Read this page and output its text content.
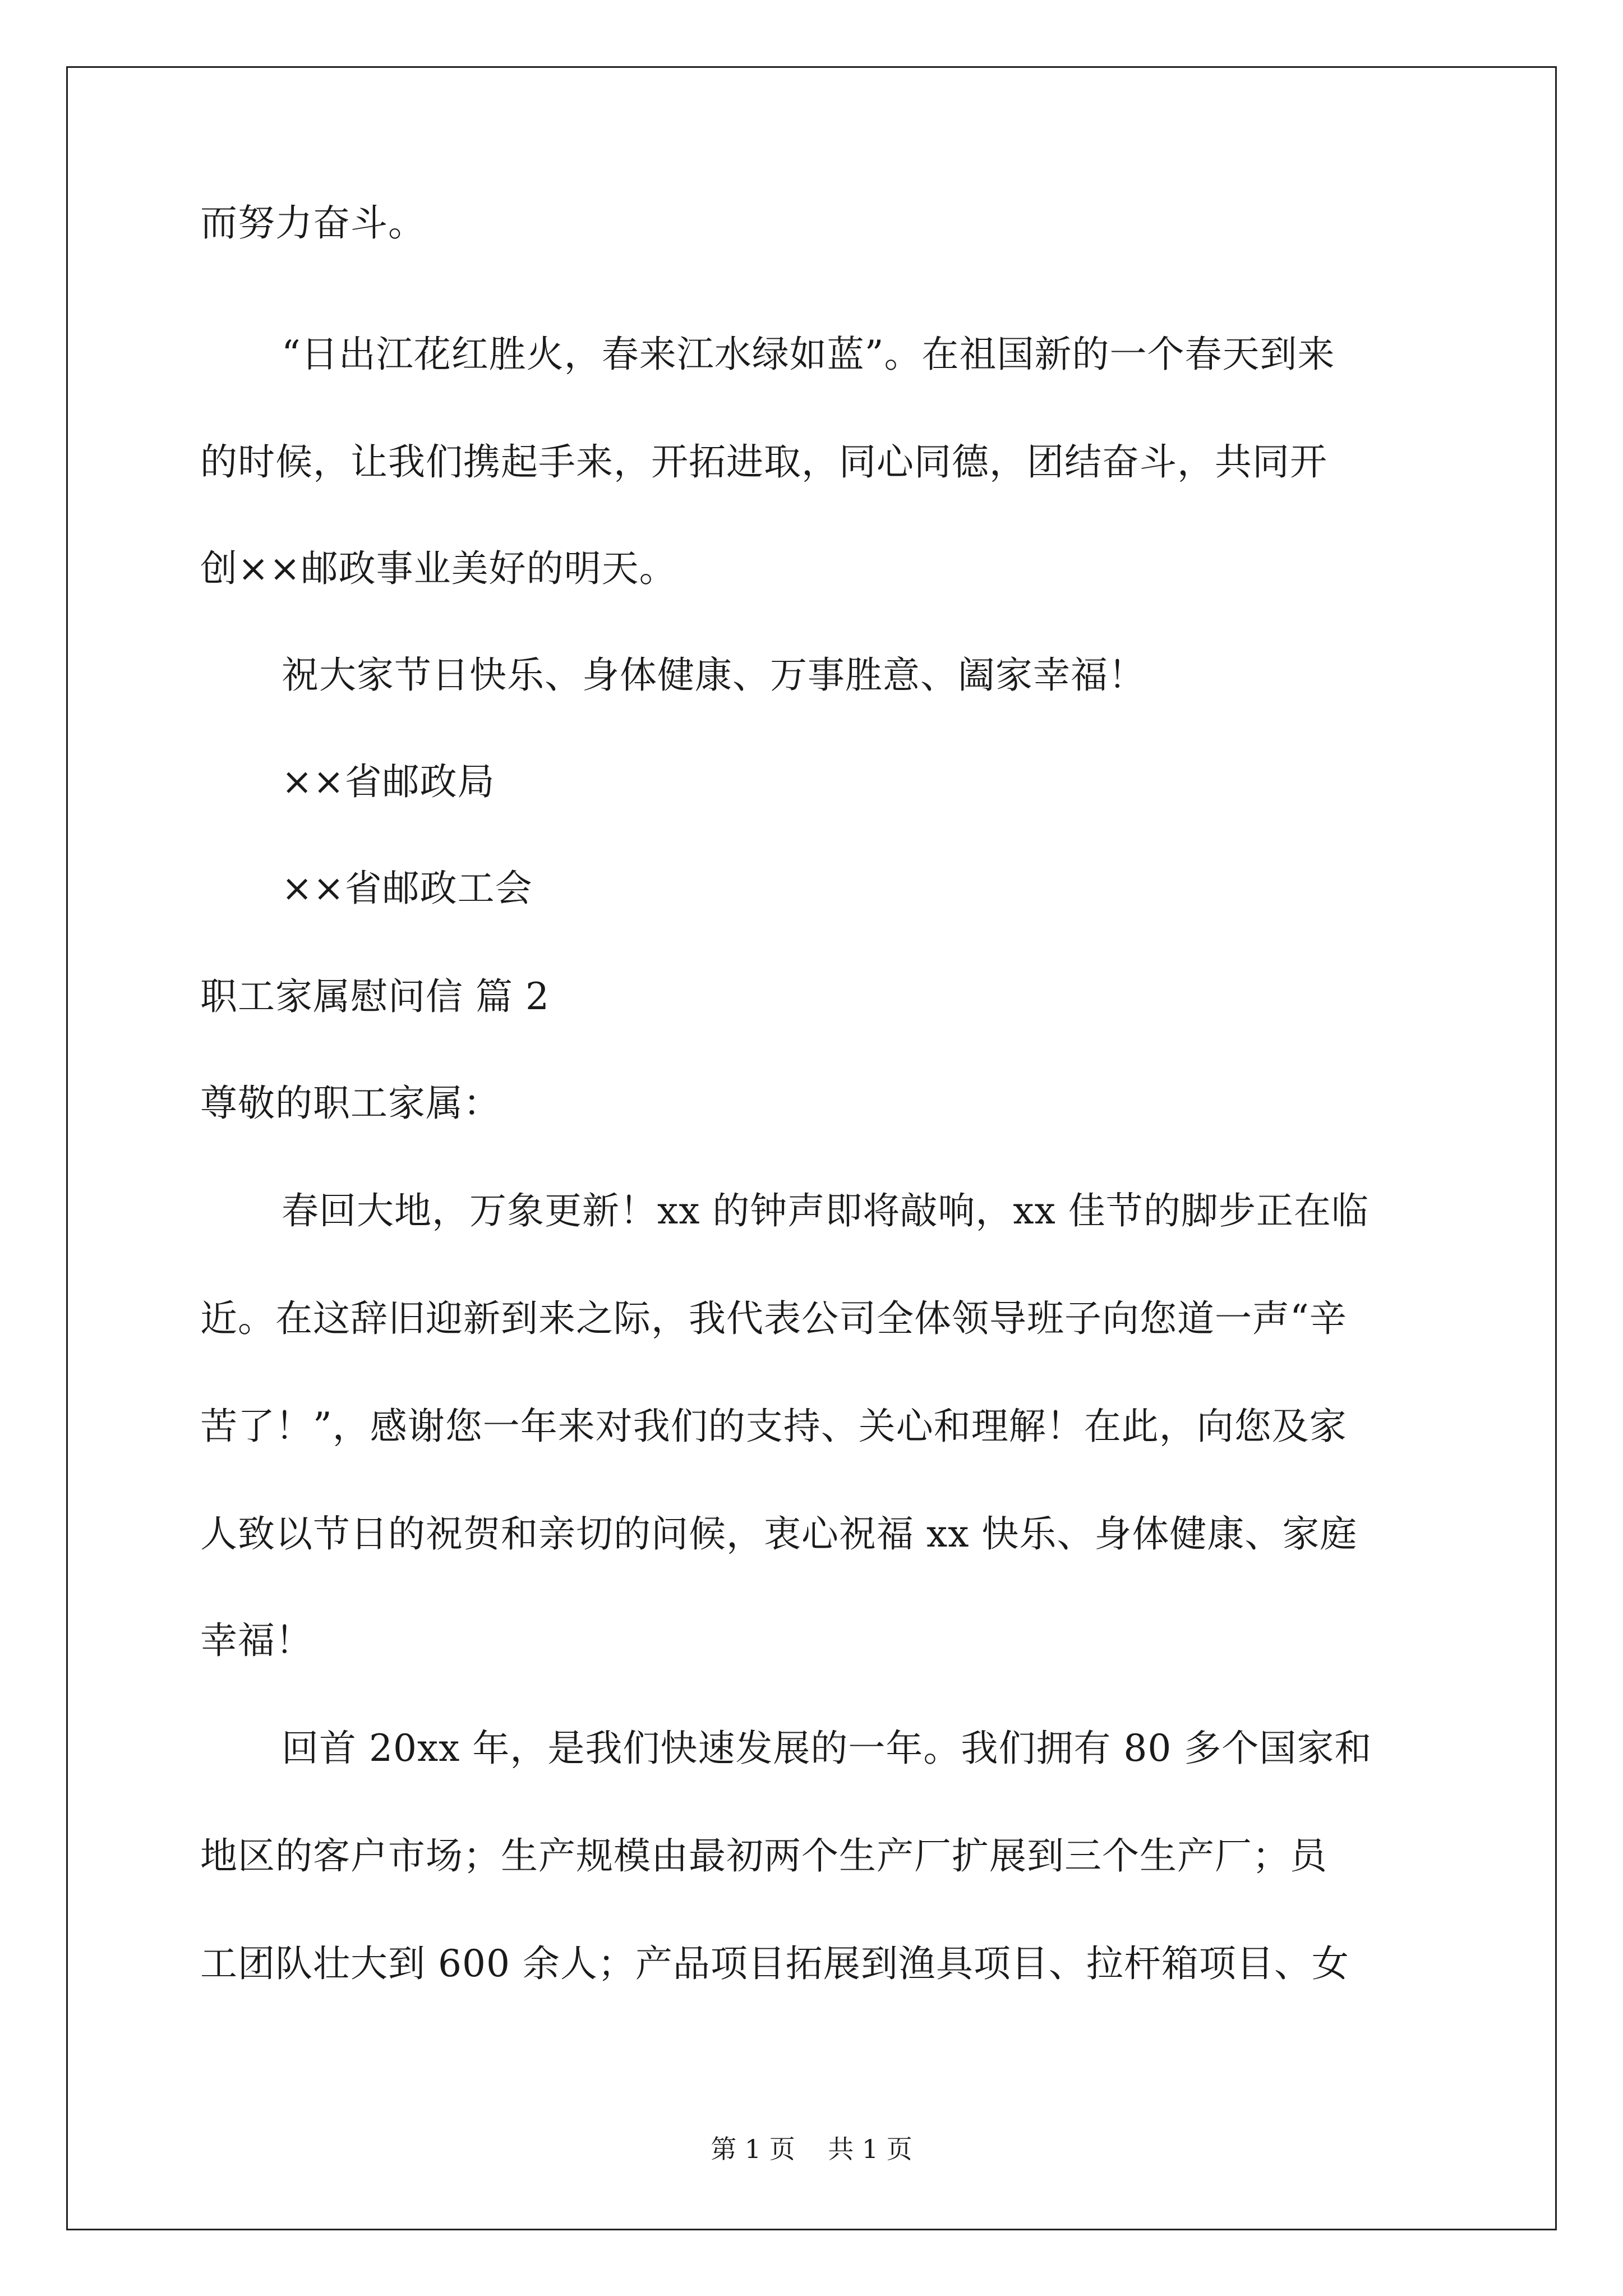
而努力奋斗。
“日出江花红胜火，春来江水绿如蓝”。在祖国新的一个春天到来
的时候，让我们携起手来，开拓进取，同心同德，团结奋斗，共同开
创××邮政事业美好的明天。
祝大家节日快乐、身体健康、万事胜意、阖家幸福！
××省邮政局
××省邮政工会
职工家属慰问信 篇 2
尊敬的职工家属：
春回大地，万象更新！xx 的钟声即将敲响，xx 佳节的脚步正在临
近。在这辞旧迎新到来之际，我代表公司全体领导班子向您道一声“辛
苦了！”，感谢您一年来对我们的支持、关心和理解！在此，向您及家
人致以节日的祝贺和亲切的问候，衷心祝福 xx 快乐、身体健康、家庭
幸福！
回首 20xx 年，是我们快速发展的一年。我们拥有 80 多个国家和
地区的客户市场；生产规模由最初两个生产厂扩展到三个生产厂；员
工团队壮大到 600 余人；产品项目拓展到渔具项目、拉杆箱项目、女
第 1 页    共 1 页
